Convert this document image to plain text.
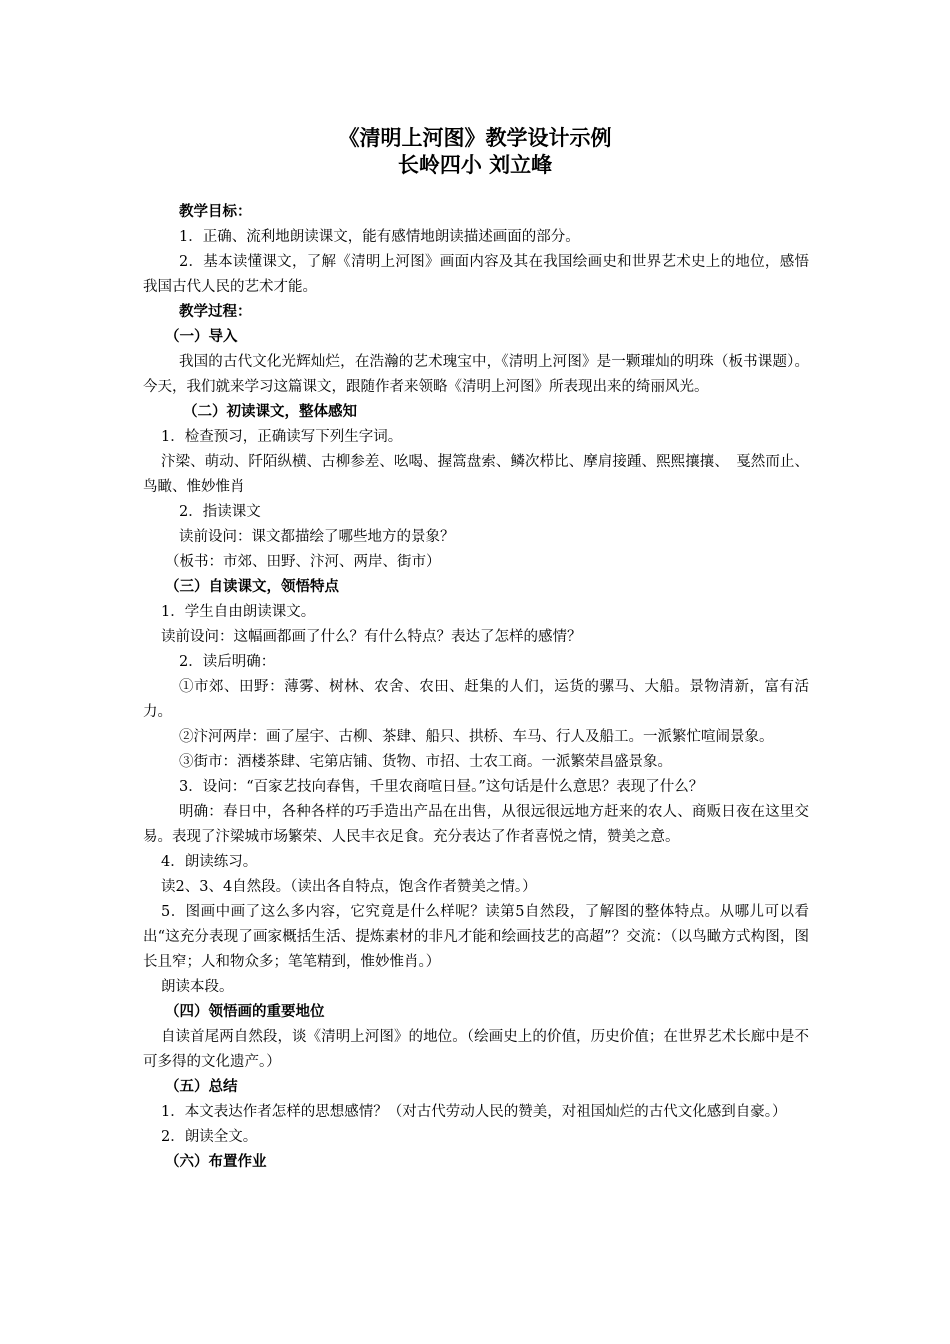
《清明上河图》教学设计示例
长岭四小 刘立峰

教学目标：

1．正确、流利地朗读课文，能有感情地朗读描述画面的部分。

2．基本读懂课文，了解《清明上河图》画面内容及其在我国绘画史和世界艺术史上的地位，感悟我国古代人民的艺术才能。

教学过程：

（一）导入

我国的古代文化光辉灿烂，在浩瀚的艺术瑰宝中，《清明上河图》是一颗璀灿的明珠（板书课题）。今天，我们就来学习这篇课文，跟随作者来领略《清明上河图》所表现出来的绮丽风光。

（二）初读课文，整体感知

1．检查预习，正确读写下列生字词。

汴梁、萌动、阡陌纵横、古柳参差、吆喝、握篙盘索、鳞次栉比、摩肩接踵、熙熙攘攘、　戛然而止、鸟瞰、惟妙惟肖

2．指读课文

读前设问：课文都描绘了哪些地方的景象？

（板书：市郊、田野、汴河、两岸、街市）

（三）自读课文，领悟特点

1．学生自由朗读课文。

读前设问：这幅画都画了什么？有什么特点？表达了怎样的感情？

2．读后明确：

①市郊、田野：薄雾、树林、农舍、农田、赶集的人们，运货的骡马、大船。景物清新，富有活力。

②汴河两岸：画了屋宇、古柳、茶肆、船只、拱桥、车马、行人及船工。一派繁忙喧闹景象。

③街市：酒楼茶肆、宅第店铺、货物、市招、士农工商。一派繁荣昌盛景象。

3．设问：“百家艺技向春售，千里农商喧日昼。”这句话是什么意思？表现了什么？

明确：春日中，各种各样的巧手造出产品在出售，从很远很远地方赶来的农人、商贩日夜在这里交易。表现了汴梁城市场繁荣、人民丰衣足食。充分表达了作者喜悦之情，赞美之意。

4．朗读练习。

读2、3、4自然段。（读出各自特点，饱含作者赞美之情。）

5．图画中画了这么多内容，它究竟是什么样呢？读第5自然段，了解图的整体特点。从哪儿可以看出“这充分表现了画家概括生活、提炼素材的非凡才能和绘画技艺的高超”？交流：（以鸟瞰方式构图，图长且窄；人和物众多；笔笔精到，惟妙惟肖。）

朗读本段。

（四）领悟画的重要地位

自读首尾两自然段，谈《清明上河图》的地位。（绘画史上的价值，历史价值；在世界艺术长廊中是不可多得的文化遗产。）

（五）总结

1．本文表达作者怎样的思想感情？（对古代劳动人民的赞美，对祖国灿烂的古代文化感到自豪。）

2．朗读全文。

（六）布置作业
